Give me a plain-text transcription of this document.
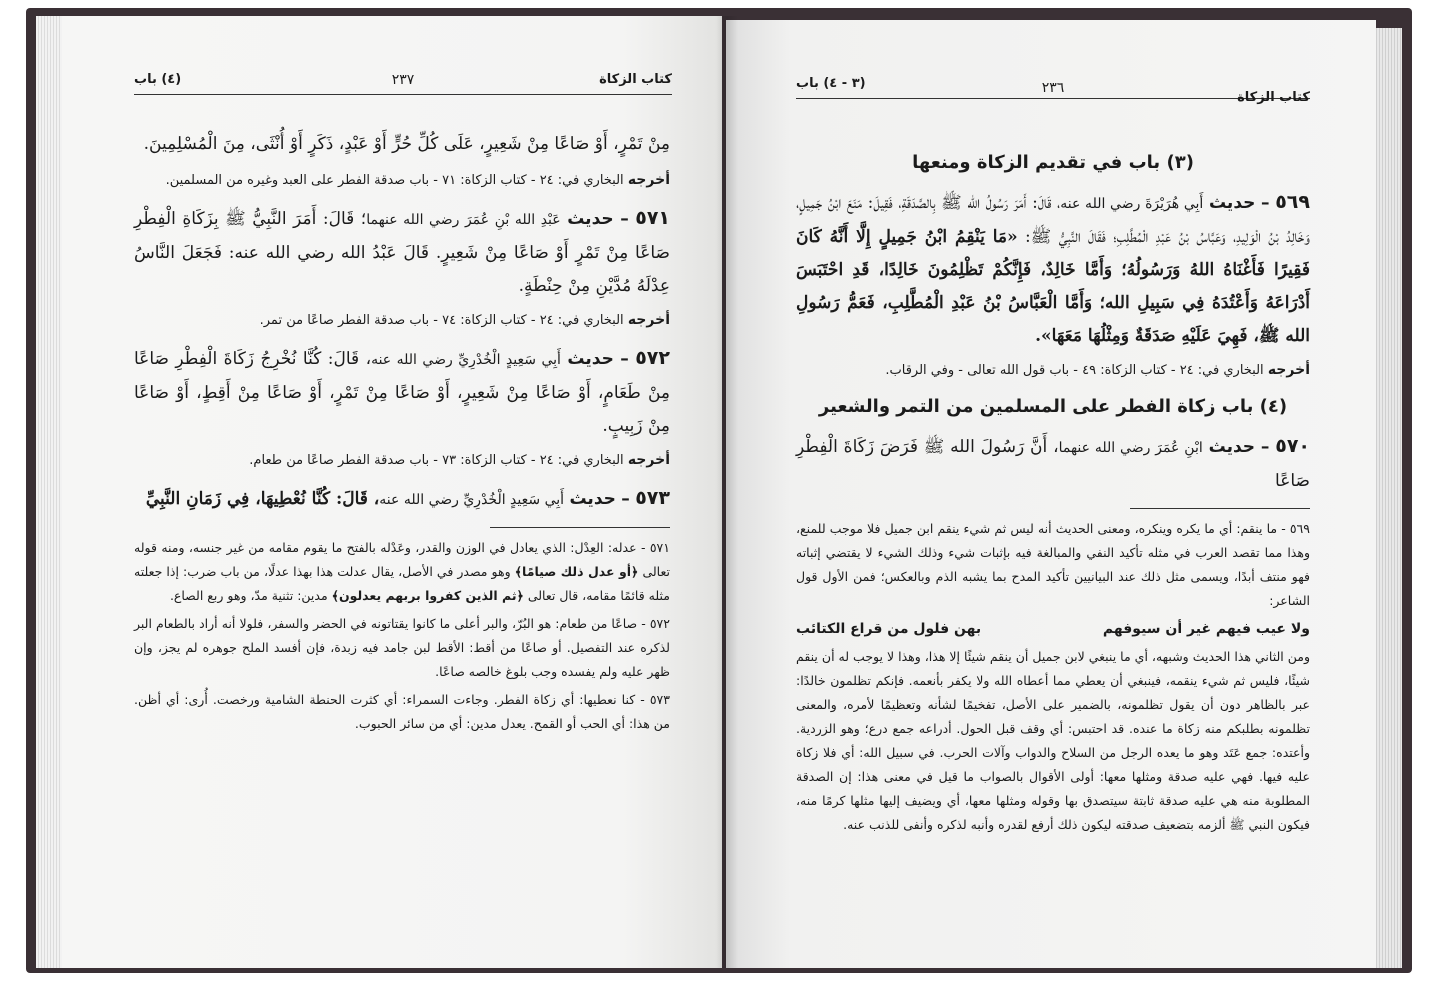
كتاب الزكاة
٢٣٧
(٤) باب

مِنْ تَمْرٍ، أَوْ صَاعًا مِنْ شَعِيرٍ، عَلَى كُلِّ حُرٍّ أَوْ عَبْدٍ، ذَكَرٍ أَوْ أُنْثَى، مِنَ الْمُسْلِمِينَ.

أخرجه البخاري في: ٢٤ - كتاب الزكاة: ٧١ - باب صدقة الفطر على العبد وغيره من المسلمين.

٥٧١ – حديث عَبْدِ الله بْنِ عُمَرَ رضي الله عنهما؛ قَالَ: أَمَرَ النَّبِيُّ ﷺ بِزَكَاةِ الْفِطْرِ صَاعًا مِنْ تَمْرٍ أَوْ صَاعًا مِنْ شَعِيرٍ. قَالَ عَبْدُ الله رضي الله عنه: فَجَعَلَ النَّاسُ عِدْلَهُ مُدَّيْنِ مِنْ حِنْطَةٍ.

أخرجه البخاري في: ٢٤ - كتاب الزكاة: ٧٤ - باب صدقة الفطر صاعًا من تمر.

٥٧٢ – حديث أَبِي سَعِيدٍ الْخُدْرِيِّ رضي الله عنه، قَالَ: كُنَّا نُخْرِجُ زَكَاةَ الْفِطْرِ صَاعًا مِنْ طَعَامٍ، أَوْ صَاعًا مِنْ شَعِيرٍ، أَوْ صَاعًا مِنْ تَمْرٍ، أَوْ صَاعًا مِنْ أَقِطٍ، أَوْ صَاعًا مِنْ زَبِيبٍ.

أخرجه البخاري في: ٢٤ - كتاب الزكاة: ٧٣ - باب صدقة الفطر صاعًا من طعام.

٥٧٣ – حديث أَبِي سَعِيدٍ الْخُدْرِيِّ رضي الله عنه، قَالَ: كُنَّا نُعْطِيهَا، فِي زَمَانِ النَّبِيِّ

٥٧١ - عدله: العِدْل: الذي يعادل في الوزن والقدر، وعَدْله بالفتح ما يقوم مقامه من غير جنسه، ومنه قوله تعالى ﴿أو عدل ذلك صيامًا﴾ وهو مصدر في الأصل، يقال عدلت هذا بهذا عدلًا، من باب ضرب: إذا جعلته مثله قائمًا مقامه، قال تعالى ﴿ثم الذين كفروا بربهم يعدلون﴾ مدين: تثنية مدّ، وهو ربع الصاع.

٥٧٢ - صاعًا من طعام: هو البُرّ، والبر أعلى ما كانوا يقتاتونه في الحضر والسفر، فلولا أنه أراد بالطعام البر لذكره عند التفصيل. أو صاعًا من أقط: الأقط لبن جامد فيه زبدة، فإن أفسد الملح جوهره لم يجز، وإن ظهر عليه ولم يفسده وجب بلوغ خالصه صاعًا.

٥٧٣ - كنا نعطيها: أي زكاة الفطر. وجاءت السمراء: أي كثرت الحنطة الشامية ورخصت. أُرى: أي أظن. من هذا: أي الحب أو القمح. يعدل مدين: أي من سائر الحبوب.

كتاب الزكاة
٢٣٦
(٣ - ٤) باب
(٣) باب في تقديم الزكاة ومنعها

٥٦٩ – حديث أَبِي هُرَيْرَةَ رضي الله عنه، قَالَ: أَمَرَ رَسُولُ الله ﷺ بِالصَّدَقَةِ، فَقِيلَ: مَنَعَ ابْنُ جَمِيلٍ، وَخَالِدُ بْنُ الْوَلِيدِ، وَعَبَّاسُ بْنُ عَبْدِ الْمُطَّلِبِ؛ فَقَالَ النَّبِيُّ ﷺ: «مَا يَنْقِمُ ابْنُ جَمِيلٍ إِلَّا أَنَّهُ كَانَ فَقِيرًا فَأَغْنَاهُ اللهُ وَرَسُولُهُ؛ وَأَمَّا خَالِدٌ، فَإِنَّكُمْ تَظْلِمُونَ خَالِدًا، قَدِ احْتَبَسَ أَدْرَاعَهُ وَأَعْتُدَهُ فِي سَبِيلِ الله؛ وَأَمَّا الْعَبَّاسُ بْنُ عَبْدِ الْمُطَّلِبِ، فَعَمُّ رَسُولِ الله ﷺ، فَهِيَ عَلَيْهِ صَدَقَةٌ وَمِثْلُهَا مَعَهَا».

أخرجه البخاري في: ٢٤ - كتاب الزكاة: ٤٩ - باب قول الله تعالى - وفي الرقاب.

(٤) باب زكاة الفطر على المسلمين من التمر والشعير

٥٧٠ – حديث ابْنِ عُمَرَ رضي الله عنهما، أَنَّ رَسُولَ الله ﷺ فَرَضَ زَكَاةَ الْفِطْرِ صَاعًا

٥٦٩ - ما ينقم: أي ما يكره وينكره، ومعنى الحديث أنه ليس ثم شيء ينقم ابن جميل فلا موجب للمنع، وهذا مما تقصد العرب في مثله تأكيد النفي والمبالغة فيه بإثبات شيء وذلك الشيء لا يقتضي إثباته فهو منتف أبدًا، ويسمى مثل ذلك عند البيانيين تأكيد المدح بما يشبه الذم وبالعكس؛ فمن الأول قول الشاعر:

ولا عيب فيهم غير أن سيوفهم
بهن فلول من قراع الكتائب

ومن الثاني هذا الحديث وشبهه، أي ما ينبغي لابن جميل أن ينقم شيئًا إلا هذا، وهذا لا يوجب له أن ينقم شيئًا، فليس ثم شيء ينقمه، فينبغي أن يعطي مما أعطاه الله ولا يكفر بأنعمه. فإنكم تظلمون خالدًا: عبر بالظاهر دون أن يقول تظلمونه، بالضمير على الأصل، تفخيمًا لشأنه وتعظيمًا لأمره، والمعنى تظلمونه بطلبكم منه زكاة ما عنده. قد احتبس: أي وقف قبل الحول. أدراعه جمع درع؛ وهو الزردية. وأعتده: جمع عَتَد وهو ما يعده الرجل من السلاح والدواب وآلات الحرب. في سبيل الله: أي فلا زكاة عليه فيها. فهي عليه صدقة ومثلها معها: أولى الأقوال بالصواب ما قيل في معنى هذا: إن الصدقة المطلوبة منه هي عليه صدقة ثابتة سيتصدق بها وقوله ومثلها معها، أي ويضيف إليها مثلها كرمًا منه، فيكون النبي ﷺ ألزمه بتضعيف صدقته ليكون ذلك أرفع لقدره وأنبه لذكره وأنفى للذنب عنه.
